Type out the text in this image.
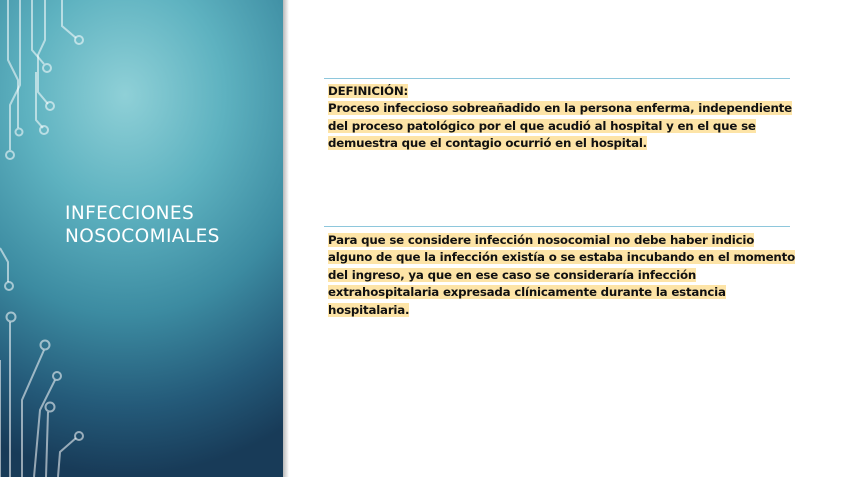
INFECCIONES
NOSOCOMIALES
DEFINICIÓN:
Proceso infeccioso sobreañadido en la persona enferma, independiente
del proceso patológico por el que acudió al hospital y en el que se
demuestra que el contagio ocurrió en el hospital.
Para que se considere infección nosocomial no debe haber indicio
alguno de que la infección existía o se estaba incubando en el momento
del ingreso, ya que en ese caso se consideraría infección
extrahospitalaria expresada clínicamente durante la estancia
hospitalaria.
